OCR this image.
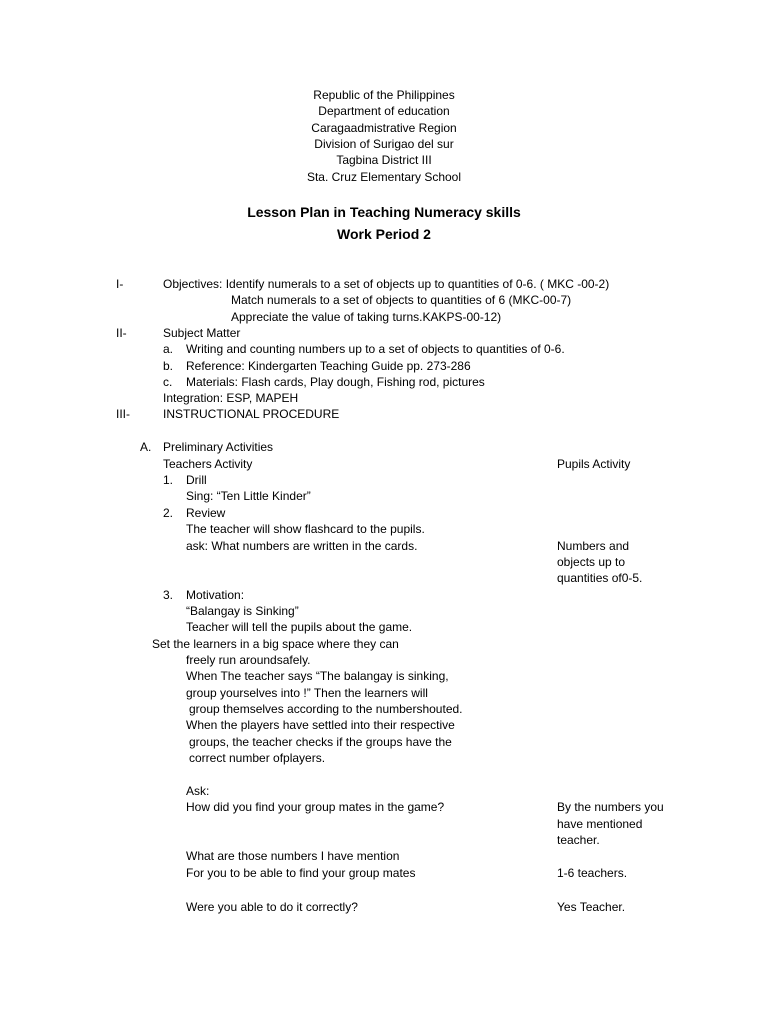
Republic of the Philippines
Department of education
Caragaadmistrative Region
Division of Surigao del sur
Tagbina District III
Sta. Cruz Elementary School
Lesson Plan in Teaching Numeracy skills
Work Period 2
I-	Objectives: Identify numerals to a set of objects up to quantities of 0-6. ( MKC -00-2)
Match numerals to a set of objects to quantities of 6 (MKC-00-7)
Appreciate the value of taking turns.KAKPS-00-12)
II-	Subject Matter
a. Writing and counting numbers up to a set of objects to quantities of 0-6.
b. Reference: Kindergarten Teaching Guide pp. 273-286
c. Materials: Flash cards, Play dough, Fishing rod, pictures
Integration: ESP, MAPEH
III-	INSTRUCTIONAL PROCEDURE
A. Preliminary Activities
Teachers Activity	Pupils Activity
1. Drill
Sing: “Ten Little Kinder”
2. Review
The teacher will show flashcard to the pupils.
ask: What numbers are written in the cards.	Numbers and
objects up to
quantities of0-5.
3. Motivation:
“Balangay is Sinking”
Teacher will tell the pupils about the game.
Set the learners in a big space where they can
freely run aroundsafely.
When The teacher says “The balangay is sinking,
group yourselves into !” Then the learners will
group themselves according to the numbershouted.
When the players have settled into their respective
groups, the teacher checks if the groups have the
correct number ofplayers.
Ask:
How did you find your group mates in the game?	By the numbers you
have mentioned
teacher.
What are those numbers I have mention
For you to be able to find your group mates	1-6 teachers.
Were you able to do it correctly?	Yes Teacher.
